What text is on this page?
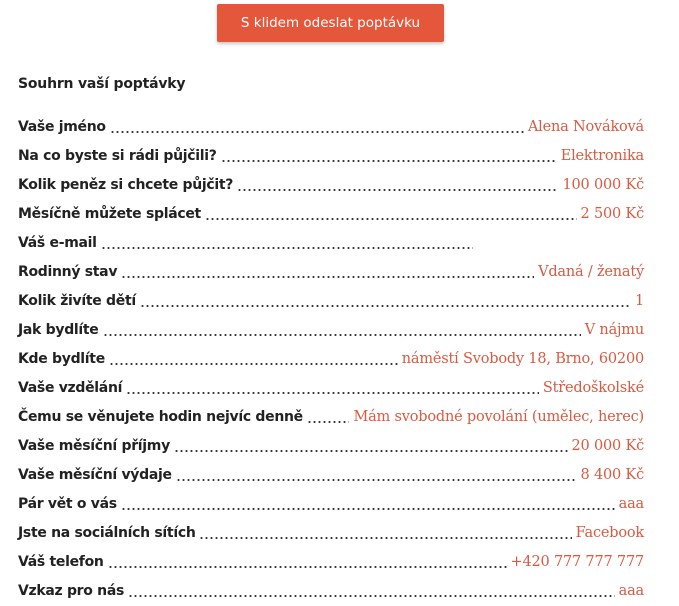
S klidem odeslat poptávku
Souhrn vaší poptávky
Vaše jméno	Alena Nováková
Na co byste si rádi půjčili?	Elektronika
Kolik peněz si chcete půjčit?	100 000 Kč
Měsíčně můžete splácet	2 500 Kč
Váš e-mail
Rodinný stav	Vdaná / ženatý
Kolik živíte dětí	1
Jak bydlíte	V nájmu
Kde bydlíte	náměstí Svobody 18, Brno, 60200
Vaše vzdělání	Středoškolské
Čemu se věnujete hodin nejvíc denně	Mám svobodné povolání (umělec, herec)
Vaše měsíční příjmy	20 000 Kč
Vaše měsíční výdaje	8 400 Kč
Pár vět o vás	aaa
Jste na sociálních sítích	Facebook
Váš telefon	+420 777 777 777
Vzkaz pro nás	aaa
